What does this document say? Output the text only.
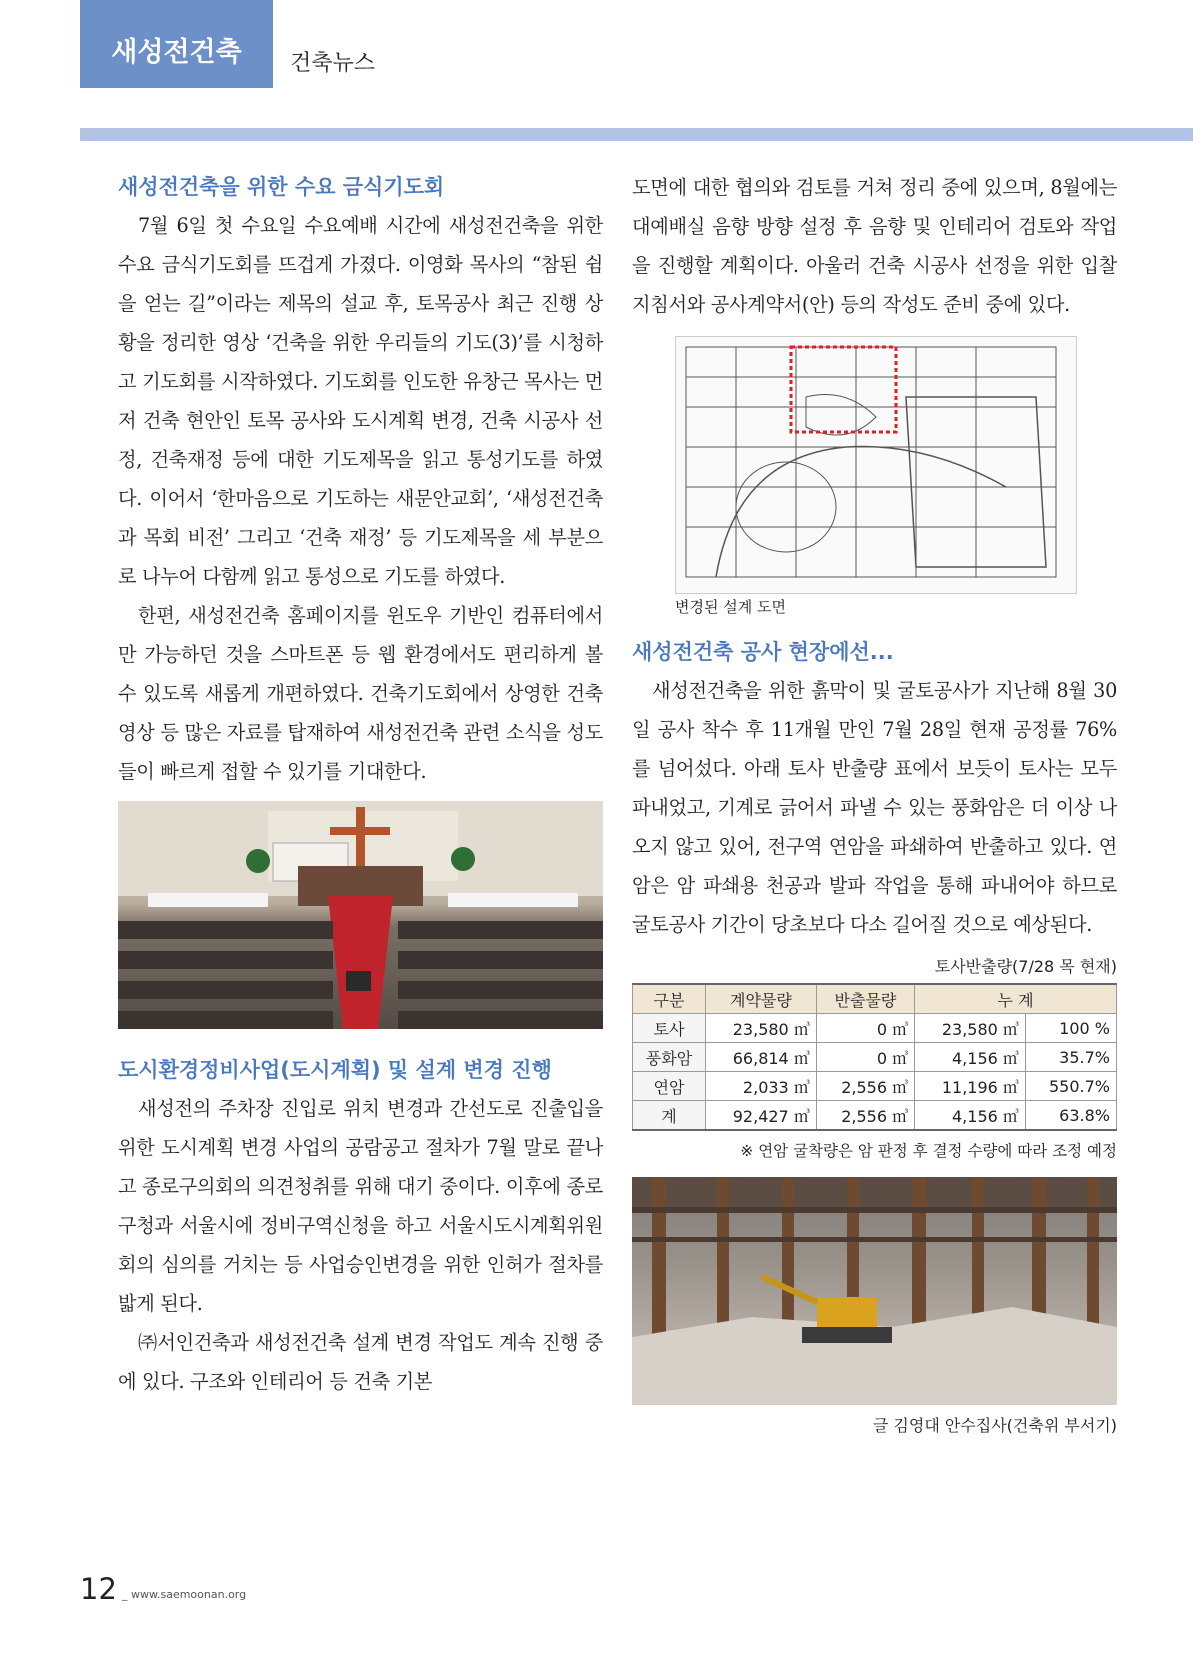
새성전건축	건축뉴스
새성전건축을 위한 수요 금식기도회

7월 6일 첫 수요일 수요예배 시간에 새성전건축을 위한 수요 금식기도회를 뜨겁게 가졌다. 이영화 목사의 “참된 쉼을 얻는 길”이라는 제목의 설교 후, 토목공사 최근 진행 상황을 정리한 영상 ‘건축을 위한 우리들의 기도(3)’를 시청하고 기도회를 시작하였다. 기도회를 인도한 유창근 목사는 먼저 건축 현안인 토목 공사와 도시계획 변경, 건축 시공사 선정, 건축재정 등에 대한 기도제목을 읽고 통성기도를 하였다. 이어서 ‘한마음으로 기도하는 새문안교회’, ‘새성전건축과 목회 비전’ 그리고 ‘건축 재정’ 등 기도제목을 세 부분으로 나누어 다함께 읽고 통성으로 기도를 하였다.

한편, 새성전건축 홈페이지를 윈도우 기반인 컴퓨터에서만 가능하던 것을 스마트폰 등 웹 환경에서도 편리하게 볼 수 있도록 새롭게 개편하였다. 건축기도회에서 상영한 건축영상 등 많은 자료를 탑재하여 새성전건축 관련 소식을 성도들이 빠르게 접할 수 있기를 기대한다.

도시환경정비사업(도시계획) 및 설계 변경 진행

새성전의 주차장 진입로 위치 변경과 간선도로 진출입을 위한 도시계획 변경 사업의 공람공고 절차가 7월 말로 끝나고 종로구의회의 의견청취를 위해 대기 중이다. 이후에 종로구청과 서울시에 정비구역신청을 하고 서울시도시계획위원회의 심의를 거치는 등 사업승인변경을 위한 인허가 절차를 밟게 된다.

㈜서인건축과 새성전건축 설계 변경 작업도 계속 진행 중에 있다. 구조와 인테리어 등 건축 기본

도면에 대한 협의와 검토를 거쳐 정리 중에 있으며, 8월에는 대예배실 음향 방향 설정 후 음향 및 인테리어 검토와 작업을 진행할 계획이다. 아울러 건축 시공사 선정을 위한 입찰 지침서와 공사계약서(안) 등의 작성도 준비 중에 있다.

변경된 설계 도면
새성전건축 공사 현장에선...

새성전건축을 위한 흙막이 및 굴토공사가 지난해 8월 30일 공사 착수 후 11개월 만인 7월 28일 현재 공정률 76%를 넘어섰다. 아래 토사 반출량 표에서 보듯이 토사는 모두 파내었고, 기계로 긁어서 파낼 수 있는 풍화암은 더 이상 나오지 않고 있어, 전구역 연암을 파쇄하여 반출하고 있다. 연암은 암 파쇄용 천공과 발파 작업을 통해 파내어야 하므로 굴토공사 기간이 당초보다 다소 길어질 것으로 예상된다.

토사반출량(7/28 목 현재)
구분	계약물량	반출물량	누 계	
토사	23,580 ㎥	0 ㎥	23,580 ㎥	100 %
풍화암	66,814 ㎥	0 ㎥	4,156 ㎥	35.7%
연암	2,033 ㎥	2,556 ㎥	11,196 ㎥	550.7%
계	92,427 ㎥	2,556 ㎥	4,156 ㎥	63.8%
※ 연암 굴착량은 암 판정 후 결정 수량에 따라 조정 예정
글 김영대 안수집사(건축위 부서기)
12 _ www.saemoonan.org
